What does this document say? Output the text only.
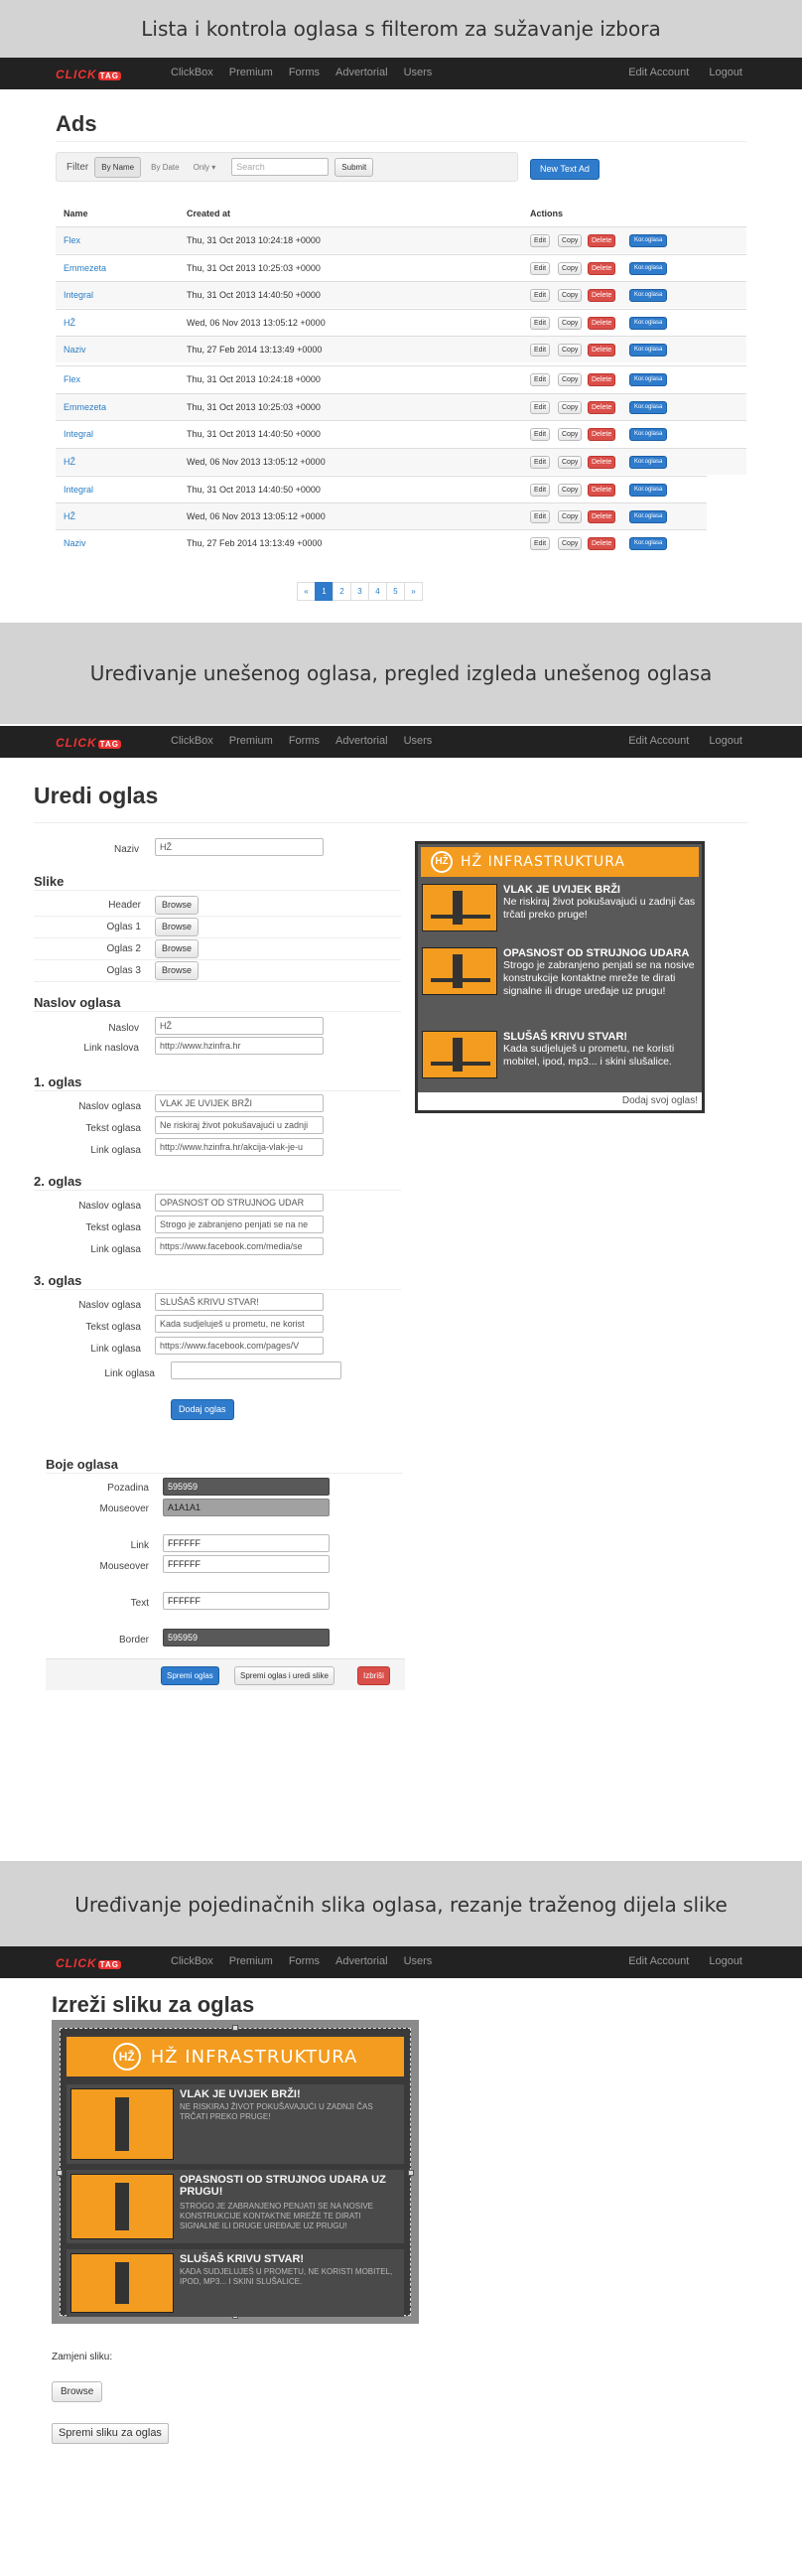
Lista i kontrola oglasa s filterom za sužavanje izbora
CLICK TAG	ClickBox Premium Forms Advertorial Users	Edit Account Logout
Ads
Filter	By Name	By Date	Only ▾	Search	Submit	New Text Ad
Name	Created at	Actions
Flex	Thu, 31 Oct 2013 10:24:18 +0000	Edit	Copy	Delete	Kor.oglasa
Emmezeta	Thu, 31 Oct 2013 10:25:03 +0000	Edit	Copy	Delete	Kor.oglasa
Integral	Thu, 31 Oct 2013 14:40:50 +0000	Edit	Copy	Delete	Kor.oglasa
HŽ	Wed, 06 Nov 2013 13:05:12 +0000	Edit	Copy	Delete	Kor.oglasa
Naziv	Thu, 27 Feb 2014 13:13:49 +0000	Edit	Copy	Delete	Kor.oglasa
Flex	Thu, 31 Oct 2013 10:24:18 +0000	Edit	Copy	Delete	Kor.oglasa
Emmezeta	Thu, 31 Oct 2013 10:25:03 +0000	Edit	Copy	Delete	Kor.oglasa
Integral	Thu, 31 Oct 2013 14:40:50 +0000	Edit	Copy	Delete	Kor.oglasa
HŽ	Wed, 06 Nov 2013 13:05:12 +0000	Edit	Copy	Delete	Kor.oglasa
Integral	Thu, 31 Oct 2013 14:40:50 +0000	Edit	Copy	Delete	Kor.oglasa
HŽ	Wed, 06 Nov 2013 13:05:12 +0000	Edit	Copy	Delete	Kor.oglasa
Naziv	Thu, 27 Feb 2014 13:13:49 +0000	Edit	Copy	Delete	Kor.oglasa
«	1	2	3	4	5	»
Uređivanje unešenog oglasa, pregled izgleda unešenog oglasa
CLICK TAG	ClickBox Premium Forms Advertorial Users	Edit Account Logout
Uredi oglas
Naziv	HŽ
Slike
Header	Browse
Oglas 1	Browse
Oglas 2	Browse
Oglas 3	Browse
Naslov oglasa
Naslov	HŽ
Link naslova	http://www.hzinfra.hr
1. oglas
Naslov oglasa	VLAK JE UVIJEK BRŽI
Tekst oglasa	Ne riskiraj život pokušavajući u zadnji
Link oglasa	http://www.hzinfra.hr/akcija-vlak-je-u
2. oglas
Naslov oglasa	OPASNOST OD STRUJNOG UDAR
Tekst oglasa	Strogo je zabranjeno penjati se na ne
Link oglasa	https://www.facebook.com/media/se
3. oglas
Naslov oglasa	SLUŠAŠ KRIVU STVAR!
Tekst oglasa	Kada sudjeluješ u prometu, ne korist
Link oglasa	https://www.facebook.com/pages/V
Link oglasa
Dodaj oglas
Boje oglasa
Pozadina	595959
Mouseover	A1A1A1
Link	FFFFFF
Mouseover	FFFFFF
Text	FFFFFF
Border	595959
Spremi oglas	Spremi oglas i uredi slike	Izbriši
HŽ HŽ INFRASTRUKTURA
VLAK JE UVIJEK BRŽI
Ne riskiraj život pokušavajući u zadnji čas trčati preko pruge!
OPASNOST OD STRUJNOG UDARA
Strogo je zabranjeno penjati se na nosive konstrukcije kontaktne mreže te dirati signalne ili druge uređaje uz prugu!
SLUŠAŠ KRIVU STVAR!
Kada sudjeluješ u prometu, ne koristi mobitel, ipod, mp3... i skini slušalice.
Dodaj svoj oglas!
Uređivanje pojedinačnih slika oglasa, rezanje traženog dijela slike
CLICK TAG	ClickBox Premium Forms Advertorial Users	Edit Account Logout
Izreži sliku za oglas
HŽ HŽ INFRASTRUKTURA
VLAK JE UVIJEK BRŽI!
NE RISKIRAJ ŽIVOT POKUŠAVAJUĆI U ZADNJI ČAS TRČATI PREKO PRUGE!
OPASNOSTI OD STRUJNOG UDARA UZ PRUGU!
STROGO JE ZABRANJENO PENJATI SE NA NOSIVE KONSTRUKCIJE KONTAKTNE MREŽE TE DIRATI SIGNALNE ILI DRUGE UREĐAJE UZ PRUGU!
SLUŠAŠ KRIVU STVAR!
KADA SUDJELUJEŠ U PROMETU, NE KORISTI MOBITEL, IPOD, MP3... I SKINI SLUŠALICE.
Zamjeni sliku:
Browse
Spremi sliku za oglas
